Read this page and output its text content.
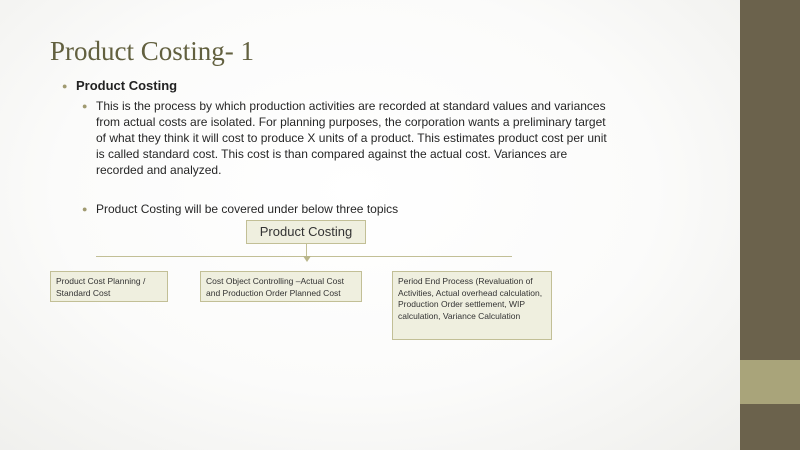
Product Costing- 1
● Product Costing
● This is the process by which production activities are recorded at standard values and variances from actual costs are isolated. For planning purposes, the corporation wants a preliminary target of what they think it will cost to produce X units of a product. This estimates product cost per unit is called standard cost. This cost is than compared against the actual cost. Variances are recorded and analyzed.
● Product Costing will be covered under below three topics
Product Costing
Product Cost Planning / Standard Cost
Cost Object Controlling –Actual Cost and Production Order Planned Cost
Period End Process (Revaluation of Activities, Actual overhead calculation, Production Order settlement, WIP calculation, Variance Calculation
